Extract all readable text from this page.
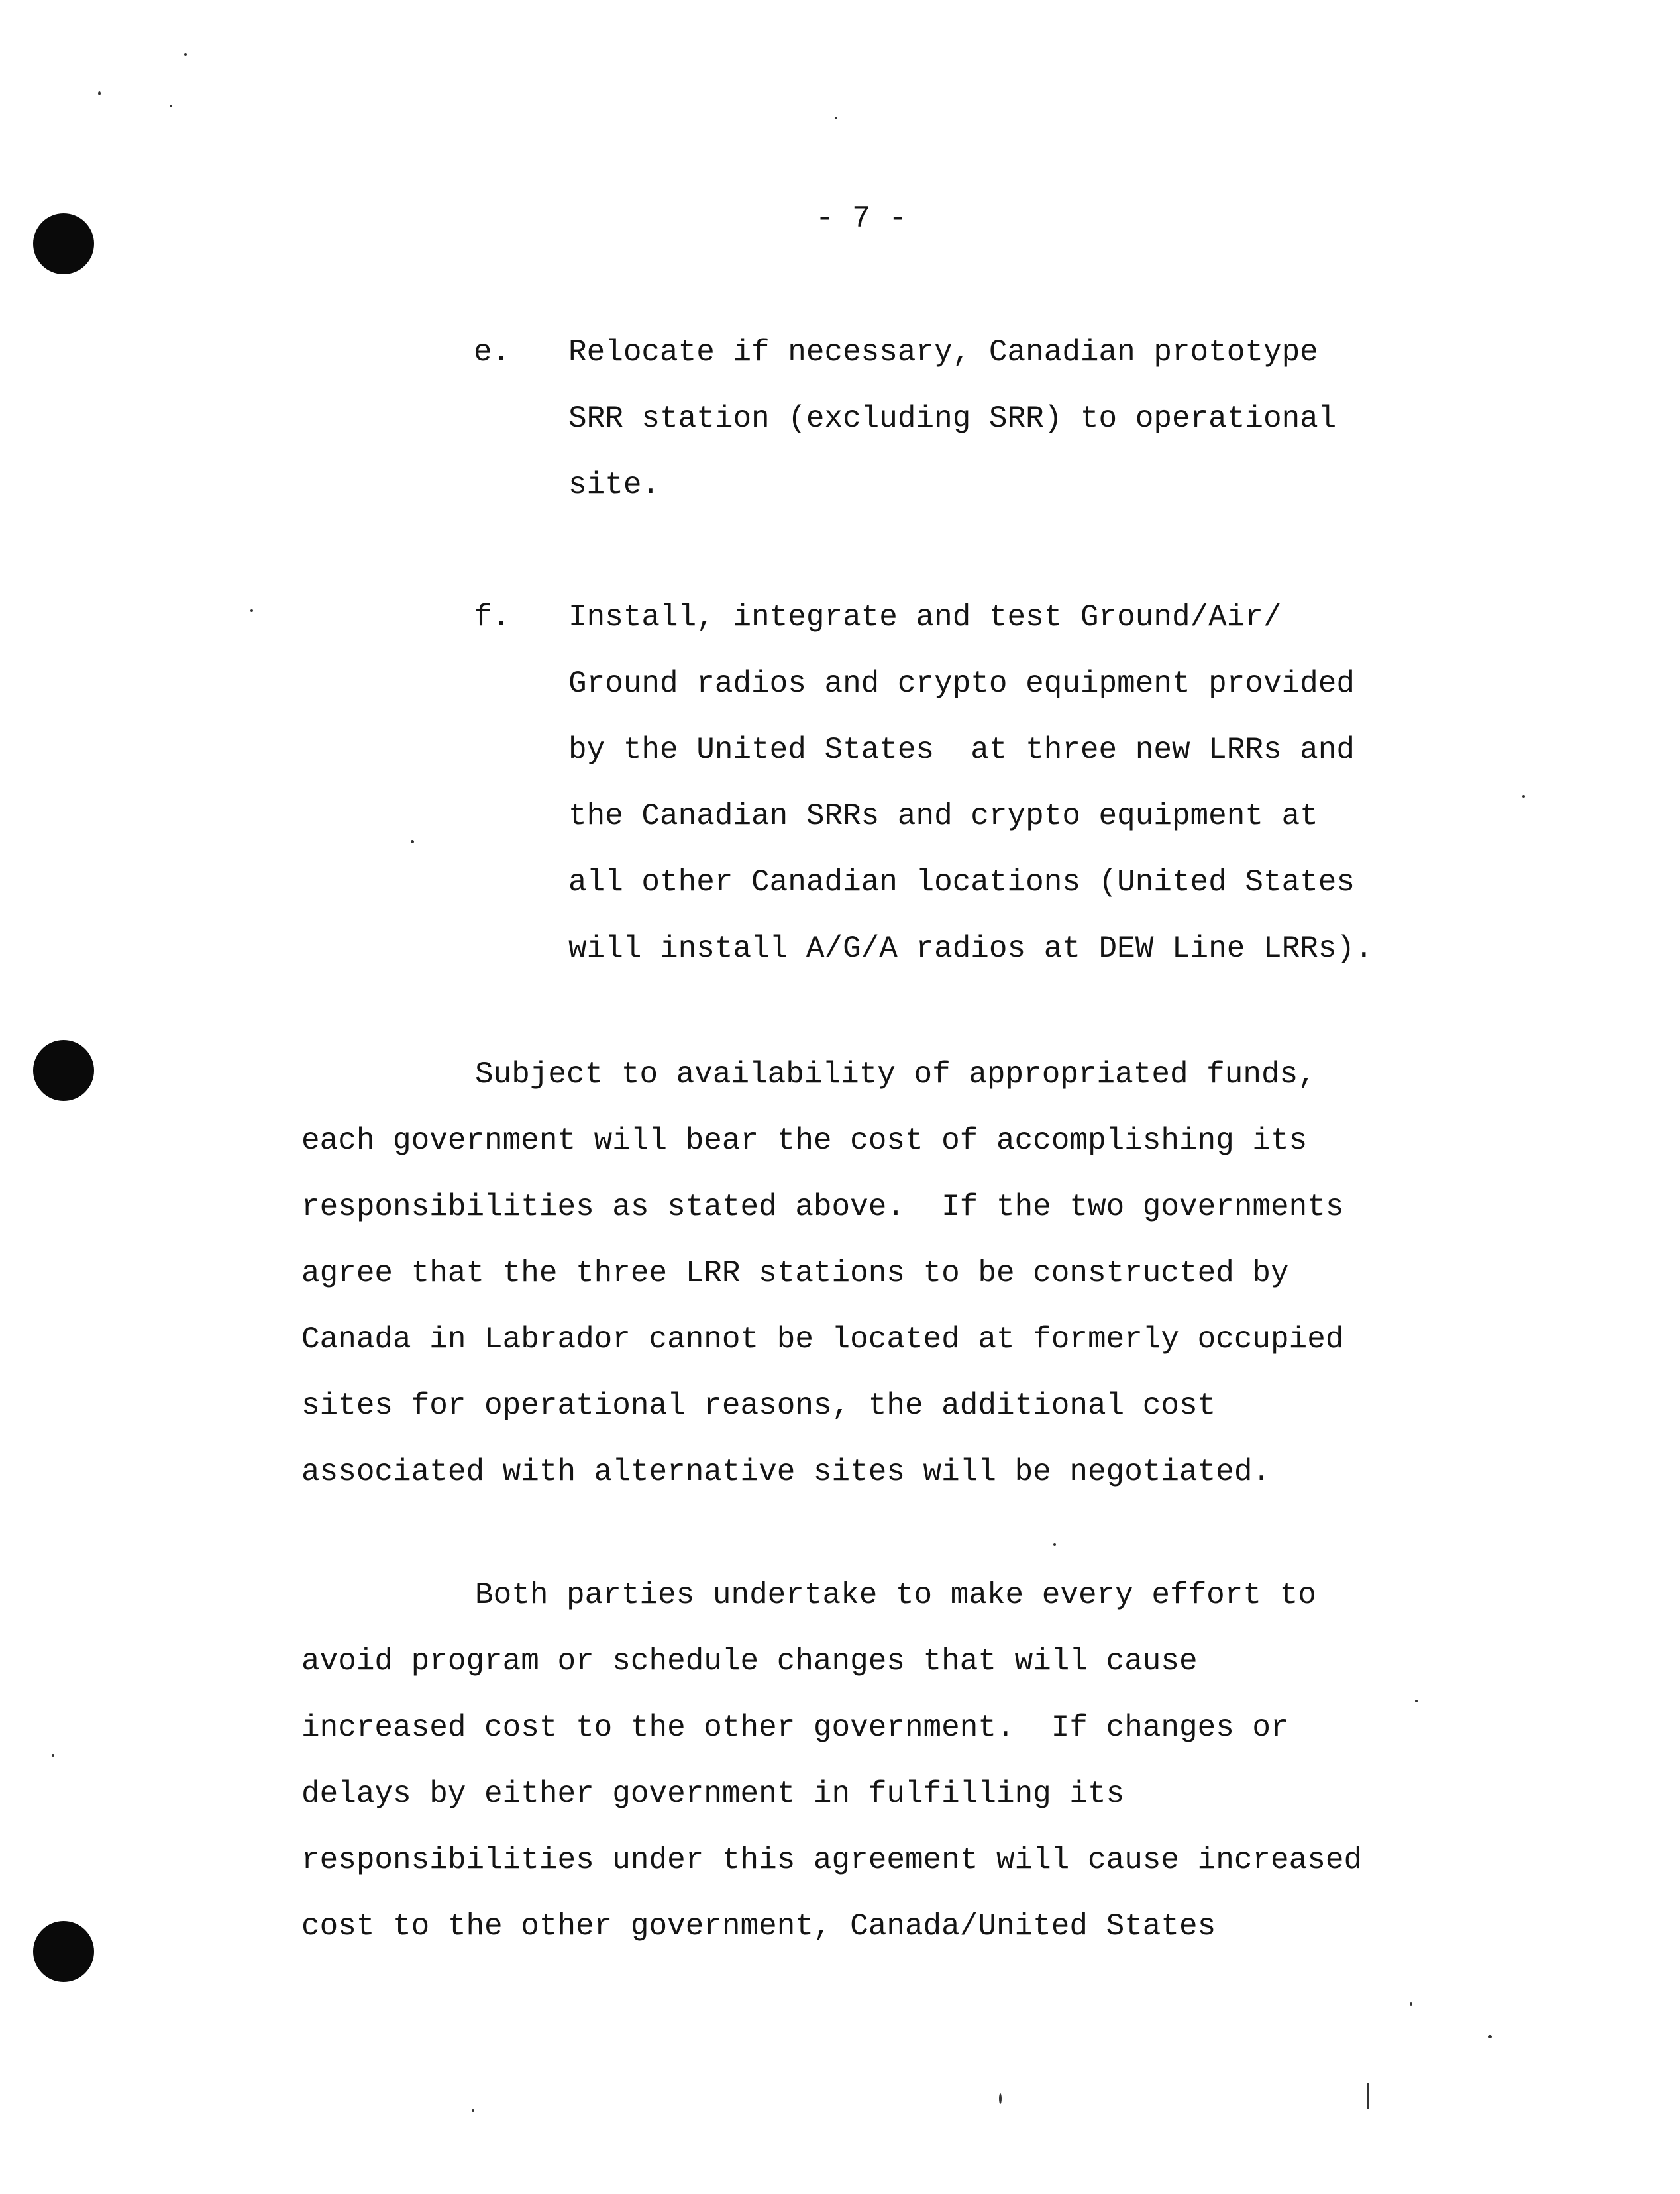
- 7 -
e. Relocate if necessary, Canadian prototype
SRR station (excluding SRR) to operational
site.

f. Install, integrate and test Ground/Air/
Ground radios and crypto equipment provided
by the United States  at three new LRRs and
the Canadian SRRs and crypto equipment at
all other Canadian locations (United States
will install A/G/A radios at DEW Line LRRs).

Subject to availability of appropriated funds,
each government will bear the cost of accomplishing its
responsibilities as stated above.  If the two governments
agree that the three LRR stations to be constructed by
Canada in Labrador cannot be located at formerly occupied
sites for operational reasons, the additional cost
associated with alternative sites will be negotiated.

Both parties undertake to make every effort to
avoid program or schedule changes that will cause
increased cost to the other government.  If changes or
delays by either government in fulfilling its
responsibilities under this agreement will cause increased
cost to the other government, Canada/United States
